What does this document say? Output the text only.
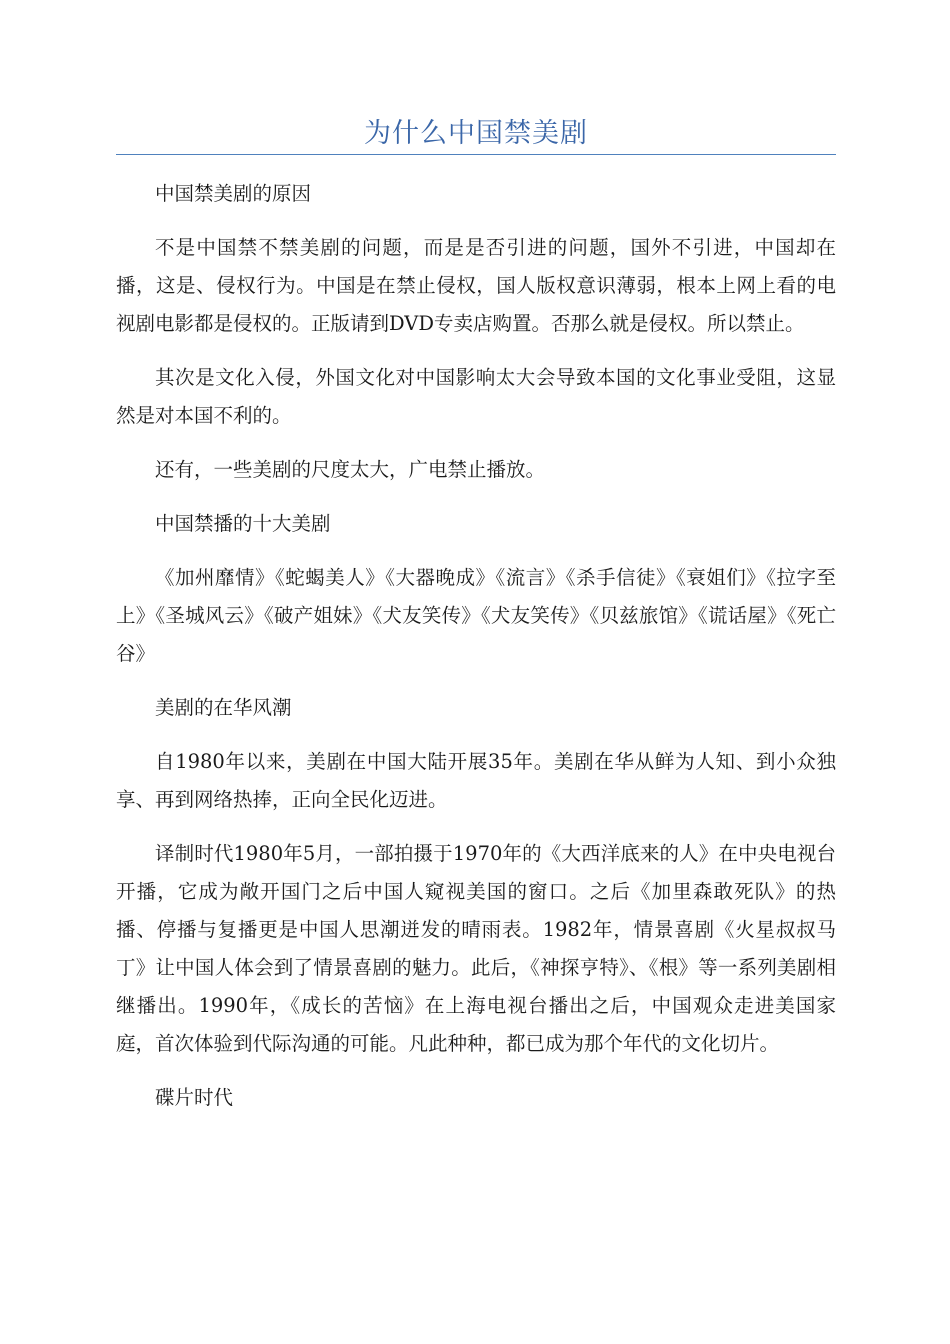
为什么中国禁美剧

中国禁美剧的原因

不是中国禁不禁美剧的问题，而是是否引进的问题，国外不引进，中国却在播，这是、侵权行为。中国是在禁止侵权，国人版权意识薄弱，根本上网上看的电视剧电影都是侵权的。正版请到DVD专卖店购置。否那么就是侵权。所以禁止。

其次是文化入侵，外国文化对中国影响太大会导致本国的文化事业受阻，这显然是对本国不利的。

还有，一些美剧的尺度太大，广电禁止播放。

中国禁播的十大美剧

《加州靡情》《蛇蝎美人》《大器晚成》《流言》《杀手信徒》《衰姐们》《拉字至上》《圣城风云》《破产姐妹》《犬友笑传》《犬友笑传》《贝兹旅馆》《谎话屋》《死亡谷》

美剧的在华风潮

自1980年以来，美剧在中国大陆开展35年。美剧在华从鲜为人知、到小众独享、再到网络热捧，正向全民化迈进。

译制时代1980年5月，一部拍摄于1970年的《大西洋底来的人》在中央电视台开播，它成为敞开国门之后中国人窥视美国的窗口。之后《加里森敢死队》的热播、停播与复播更是中国人思潮迸发的晴雨表。1982年，情景喜剧《火星叔叔马丁》让中国人体会到了情景喜剧的魅力。此后，《神探亨特》、《根》等一系列美剧相继播出。1990年，《成长的苦恼》在上海电视台播出之后，中国观众走进美国家庭，首次体验到代际沟通的可能。凡此种种，都已成为那个年代的文化切片。

碟片时代
